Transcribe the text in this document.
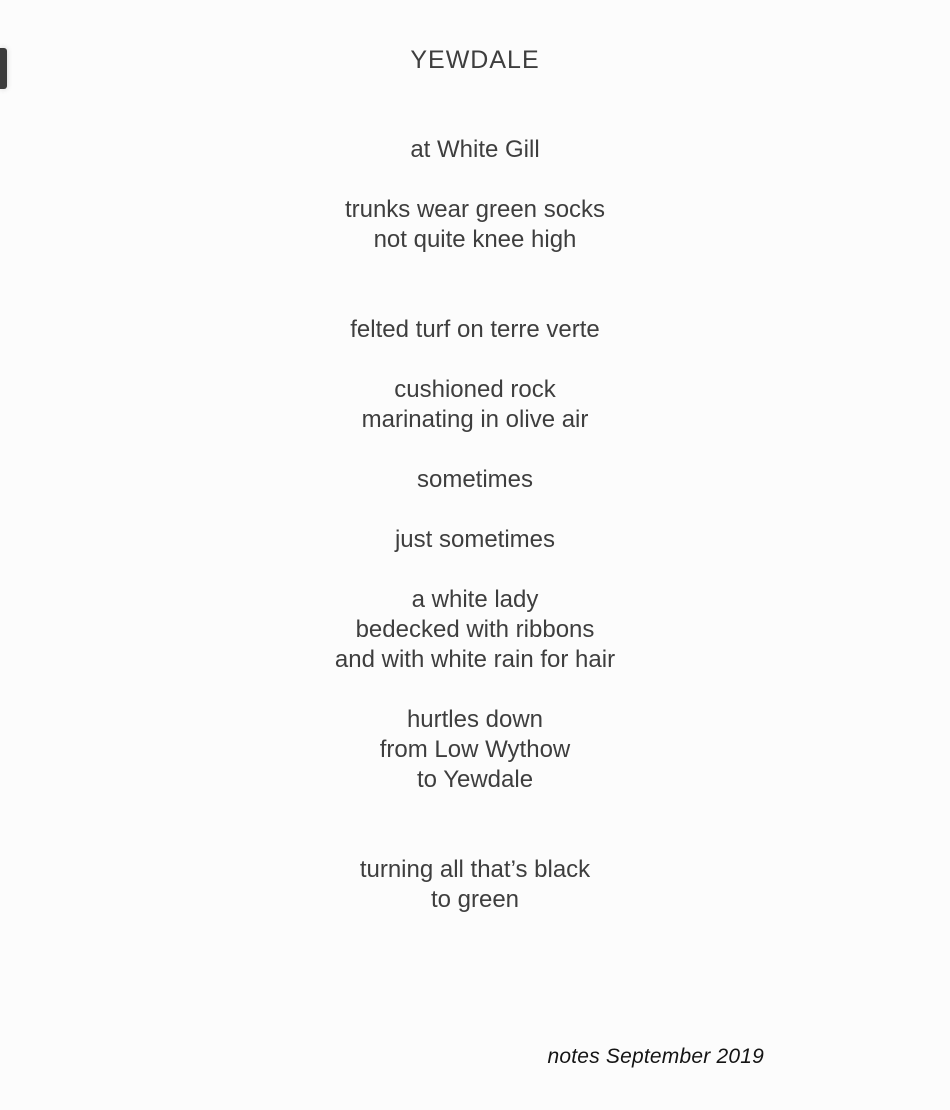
YEWDALE
at White Gill
trunks wear green socks
not quite knee high
felted turf on terre verte
cushioned rock
marinating in olive air
sometimes
just sometimes
a white lady
bedecked with ribbons
and with white rain for hair
hurtles down
from Low Wythow
to Yewdale
turning all that’s black
to green
notes September 2019
